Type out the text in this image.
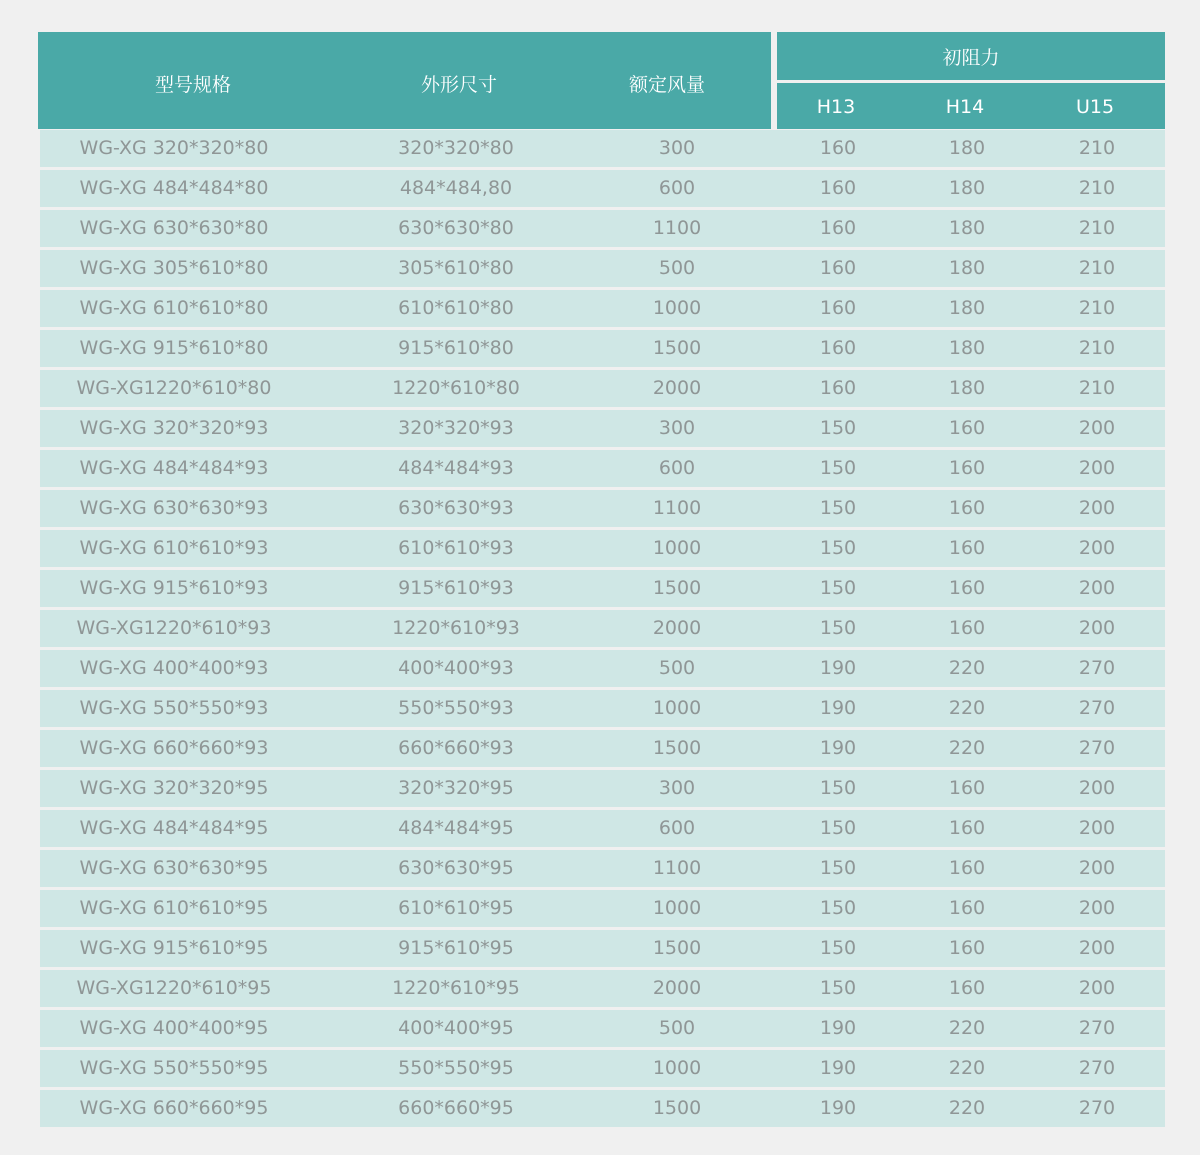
型号规格	外形尺寸	额定风量
初阻力
H13	H14	U15
WG-XG 320*320*80	320*320*80	300	160	180	210
WG-XG 484*484*80	484*484,80	600	160	180	210
WG-XG 630*630*80	630*630*80	1100	160	180	210
WG-XG 305*610*80	305*610*80	500	160	180	210
WG-XG 610*610*80	610*610*80	1000	160	180	210
WG-XG 915*610*80	915*610*80	1500	160	180	210
WG-XG1220*610*80	1220*610*80	2000	160	180	210
WG-XG 320*320*93	320*320*93	300	150	160	200
WG-XG 484*484*93	484*484*93	600	150	160	200
WG-XG 630*630*93	630*630*93	1100	150	160	200
WG-XG 610*610*93	610*610*93	1000	150	160	200
WG-XG 915*610*93	915*610*93	1500	150	160	200
WG-XG1220*610*93	1220*610*93	2000	150	160	200
WG-XG 400*400*93	400*400*93	500	190	220	270
WG-XG 550*550*93	550*550*93	1000	190	220	270
WG-XG 660*660*93	660*660*93	1500	190	220	270
WG-XG 320*320*95	320*320*95	300	150	160	200
WG-XG 484*484*95	484*484*95	600	150	160	200
WG-XG 630*630*95	630*630*95	1100	150	160	200
WG-XG 610*610*95	610*610*95	1000	150	160	200
WG-XG 915*610*95	915*610*95	1500	150	160	200
WG-XG1220*610*95	1220*610*95	2000	150	160	200
WG-XG 400*400*95	400*400*95	500	190	220	270
WG-XG 550*550*95	550*550*95	1000	190	220	270
WG-XG 660*660*95	660*660*95	1500	190	220	270
